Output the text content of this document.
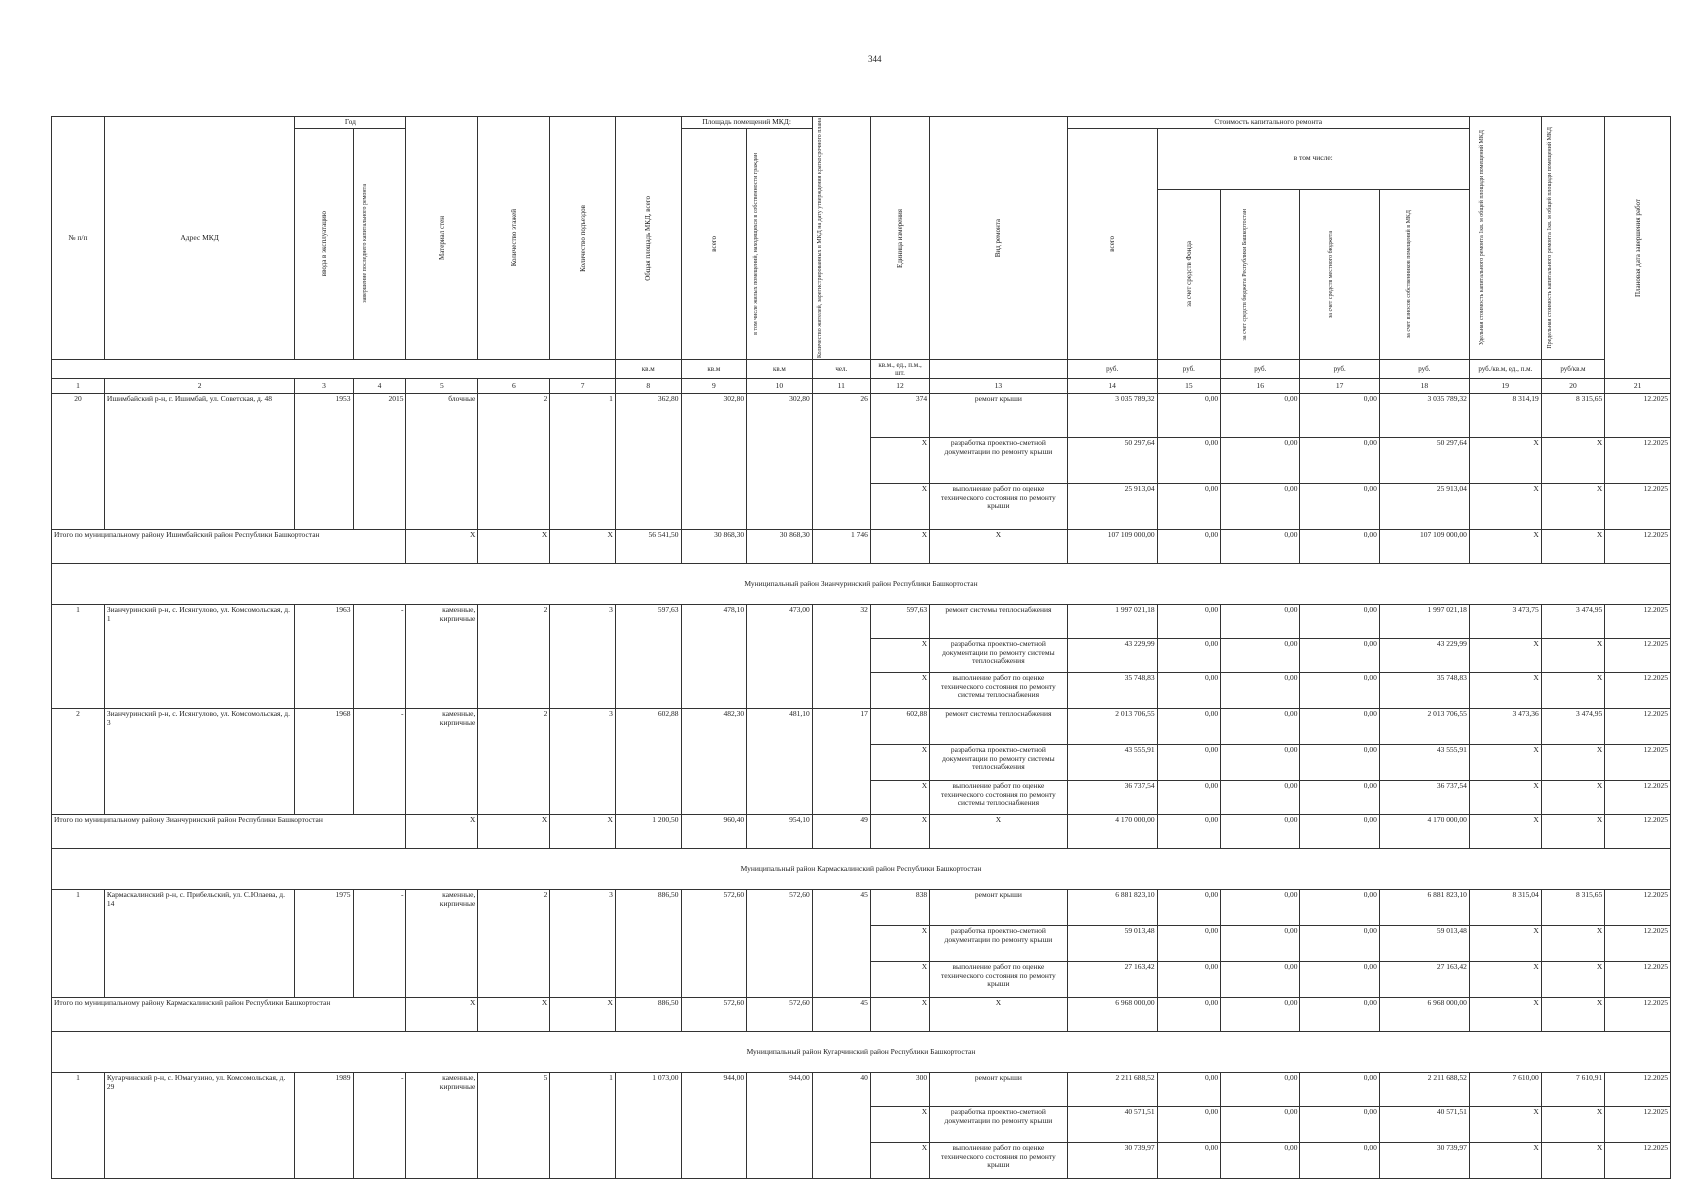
344
№ п/п	Адрес МКД	Год		Материал стен	Количество этажей	Количество подъездов	Общая площадь МКД, всего	Площадь помещений МКД:		Количество жителей, зарегистрированных в МКД на дату утверждения краткосрочного плана	Единица измерения	Вид ремонта	Стоимость капитального ремонта					Удельная стоимость капитального ремонта 1кв. м общей площади помещений МКД	Предельная стоимость капитального ремонта 1кв. м общей площади помещений МКД	Плановая дата завершения работ

		ввода в эксплуатацию	завершение последнего капитального ремонта					всего	в том числе жилых помещений, находящихся в собственности граждан				всего	в том числе:						

														за счет средств Фонда	за счет средств бюджета Республики Башкортостан	за счет средств местного бюджета	за счет взносов собственников помещений в МКД			

							кв.м	кв.м	кв.м	чел.	кв.м., ед., п.м., шт.		руб.	руб.	руб.	руб.	руб.	руб./кв.м, ед., п.м.	руб/кв.м	
1	2	3	4	5	6	7	8	9	10	11	12	13	14	15	16	17	18	19	20	21
20	Ишимбайский р-н, г. Ишимбай, ул. Советская, д. 48	1953	2015	блочные	2	1	362,80	302,80	302,80	26	374	ремонт крыши	3 035 789,32	0,00	0,00	0,00	3 035 789,32	8 314,19	8 315,65	12.2025
											X	разработка проектно-сметной документации по ремонту крыши	50 297,64	0,00	0,00	0,00	50 297,64	X	X	12.2025
											X	выполнение работ по оценке технического состояния по ремонту крыши	25 913,04	0,00	0,00	0,00	25 913,04	X	X	12.2025
Итого по муниципальному району Ишимбайский район Республики Башкортостан				X	X	X	56 541,50	30 868,30	30 868,30	1 746	X	X	107 109 000,00	0,00	0,00	0,00	107 109 000,00	X	X	12.2025
Муниципальный район Зианчуринский район Республики Башкортостан																				
1	Зианчуринский р-н, с. Исянгулово, ул. Комсомольская, д. 1	1963	-	каменные, кирпичные	2	3	597,63	478,10	473,00	32	597,63	ремонт системы теплоснабжения	1 997 021,18	0,00	0,00	0,00	1 997 021,18	3 473,75	3 474,95	12.2025
											X	разработка проектно-сметной документации по ремонту системы теплоснабжения	43 229,99	0,00	0,00	0,00	43 229,99	X	X	12.2025
											X	выполнение работ по оценке технического состояния по ремонту системы теплоснабжения	35 748,83	0,00	0,00	0,00	35 748,83	X	X	12.2025
2	Зианчуринский р-н, с. Исянгулово, ул. Комсомольская, д. 3	1968	-	каменные, кирпичные	2	3	602,88	482,30	481,10	17	602,88	ремонт системы теплоснабжения	2 013 706,55	0,00	0,00	0,00	2 013 706,55	3 473,36	3 474,95	12.2025
											X	разработка проектно-сметной документации по ремонту системы теплоснабжения	43 555,91	0,00	0,00	0,00	43 555,91	X	X	12.2025
											X	выполнение работ по оценке технического состояния по ремонту системы теплоснабжения	36 737,54	0,00	0,00	0,00	36 737,54	X	X	12.2025
Итого по муниципальному району Зианчуринский район Республики Башкортостан				X	X	X	1 200,50	960,40	954,10	49	X	X	4 170 000,00	0,00	0,00	0,00	4 170 000,00	X	X	12.2025
Муниципальный район Кармаскалинский район Республики Башкортостан																				
1	Кармаскалинский р-н, с. Прибельский, ул. С.Юлаева, д. 14	1975	-	каменные, кирпичные	2	3	886,50	572,60	572,60	45	838	ремонт крыши	6 881 823,10	0,00	0,00	0,00	6 881 823,10	8 315,04	8 315,65	12.2025
											X	разработка проектно-сметной документации по ремонту крыши	59 013,48	0,00	0,00	0,00	59 013,48	X	X	12.2025
											X	выполнение работ по оценке технического состояния по ремонту крыши	27 163,42	0,00	0,00	0,00	27 163,42	X	X	12.2025
Итого по муниципальному району Кармаскалинский район Республики Башкортостан				X	X	X	886,50	572,60	572,60	45	X	X	6 968 000,00	0,00	0,00	0,00	6 968 000,00	X	X	12.2025
Муниципальный район Кугарчинский район Республики Башкортостан																				
1	Кугарчинский р-н, с. Юмагузино, ул. Комсомольская, д. 29	1989	-	каменные, кирпичные	5	1	1 073,00	944,00	944,00	40	300	ремонт крыши	2 211 688,52	0,00	0,00	0,00	2 211 688,52	7 610,00	7 610,91	12.2025
											X	разработка проектно-сметной документации по ремонту крыши	40 571,51	0,00	0,00	0,00	40 571,51	X	X	12.2025
											X	выполнение работ по оценке технического состояния по ремонту крыши	30 739,97	0,00	0,00	0,00	30 739,97	X	X	12.2025
